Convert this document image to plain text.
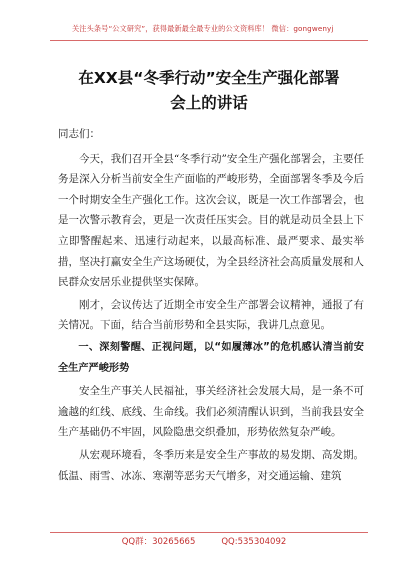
关注头条号“公文研究”，获得最新最全最专业的公文资料库！ 微信：gongwenyj
在XX县“冬季行动”安全生产强化部署
会上的讲话

同志们：

今天，我们召开全县“冬季行动”安全生产强化部署会，主要任务是深入分析当前安全生产面临的严峻形势，全面部署冬季及今后一个时期安全生产强化工作。这次会议，既是一次工作部署会，也是一次警示教育会，更是一次责任压实会。目的就是动员全县上下立即警醒起来、迅速行动起来，以最高标准、最严要求、最实举措，坚决打赢安全生产这场硬仗，为全县经济社会高质量发展和人民群众安居乐业提供坚实保障。

刚才，会议传达了近期全市安全生产部署会议精神，通报了有关情况。下面，结合当前形势和全县实际，我讲几点意见。

一、深刻警醒、正视问题，以“如履薄冰”的危机感认清当前安全生产严峻形势

安全生产事关人民福祉，事关经济社会发展大局，是一条不可逾越的红线、底线、生命线。我们必须清醒认识到，当前我县安全生产基础仍不牢固，风险隐患交织叠加，形势依然复杂严峻。

从宏观环境看，冬季历来是安全生产事故的易发期、高发期。低温、雨雪、冰冻、寒潮等恶劣天气增多，对交通运输、建筑

QQ群：30265665	QQ:535304092
